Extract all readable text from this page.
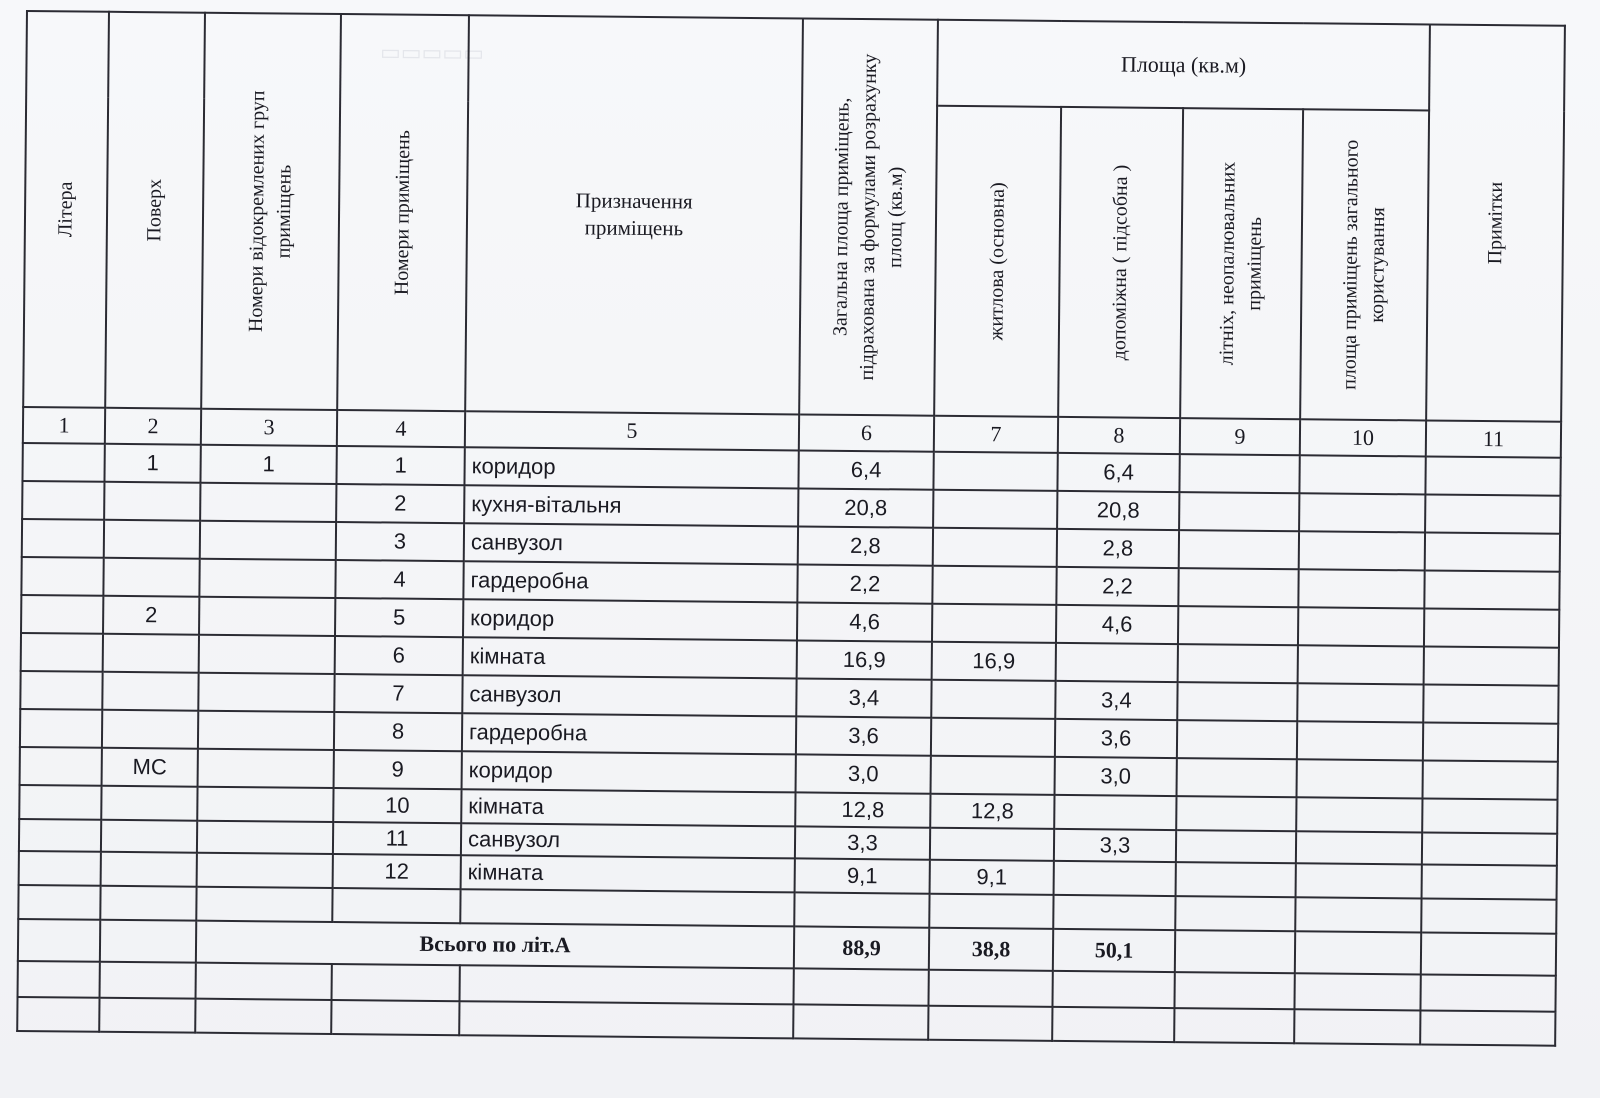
▭▭▭▭▭
Літера	Поверх	Номери відокремлених груп приміщень	Номери приміщень	Призначення приміщень	Загальна площа приміщень, підрахована за формулами розрахунку площ (кв.м)	Площа (кв.м)				Примітки

						житлова (основна)	допоміжна ( підсобна )	літніх, неопалювальних приміщень	площа приміщень загального користування	

1	2	3	4	5	6	7	8	9	10	11
	1	1	1	коридор	6,4		6,4			
			2	кухня-вітальня	20,8		20,8			
			3	санвузол	2,8		2,8			
			4	гардеробна	2,2		2,2			
	2		5	коридор	4,6		4,6			
			6	кімната	16,9	16,9				
			7	санвузол	3,4		3,4			
			8	гардеробна	3,6		3,6			
	МС		9	коридор	3,0		3,0			
			10	кімната	12,8	12,8				
			11	санвузол	3,3		3,3			
			12	кімната	9,1	9,1				

		Всього по літ.А			88,9	38,8	50,1			
